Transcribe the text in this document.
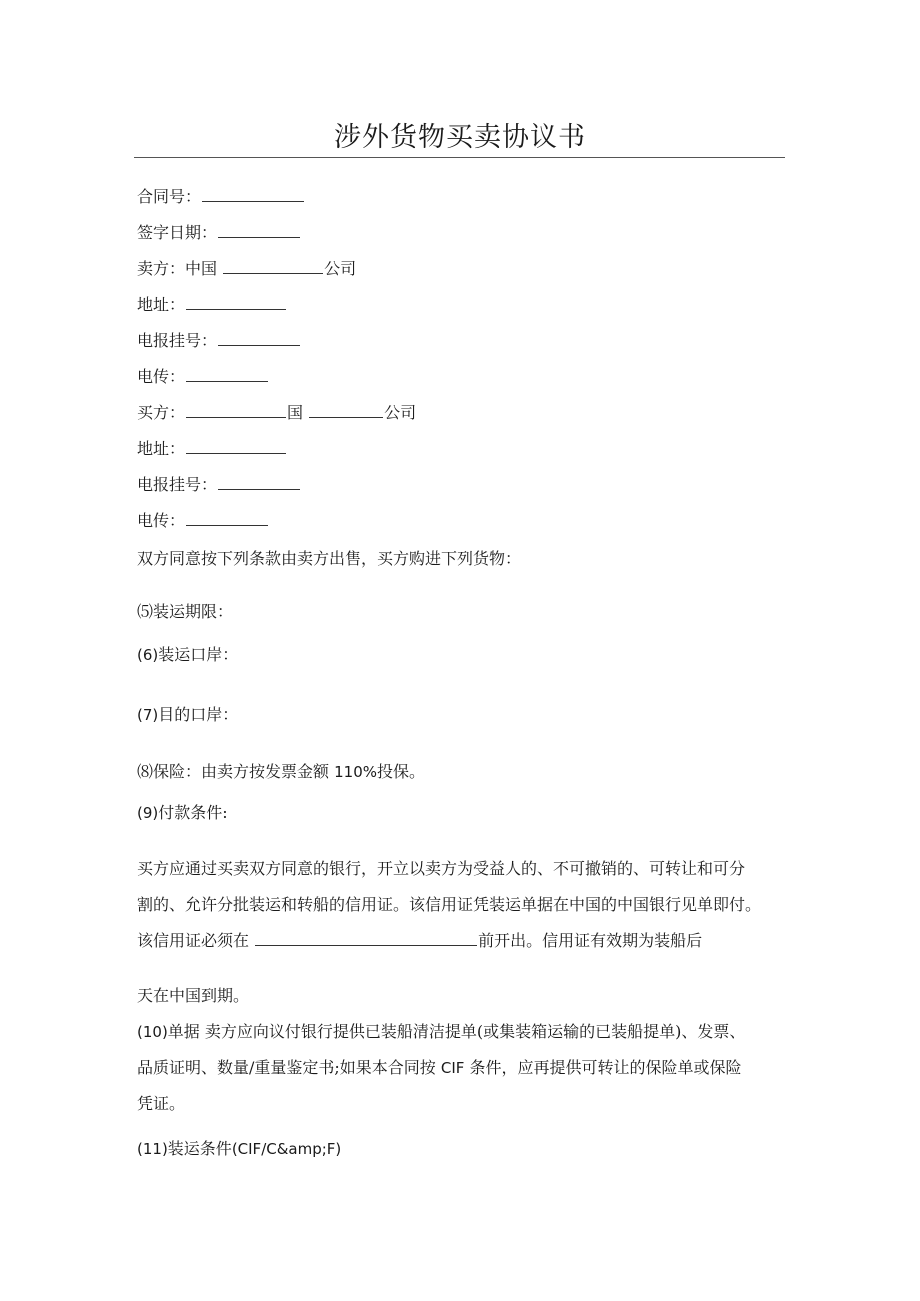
涉外货物买卖协议书
合同号：
签字日期：
卖方：中国	公司
地址：
电报挂号：
电传：
买方：	国	公司
地址：
电报挂号：
电传：
双方同意按下列条款由卖方出售，买方购进下列货物：
⑸装运期限：
(6)装运口岸：
(7)目的口岸：
⑻保险：由卖方按发票金额 110%投保。
(9)付款条件:
买方应通过买卖双方同意的银行，开立以卖方为受益人的、不可撤销的、可转让和可分
割的、允许分批装运和转船的信用证。该信用证凭装运单据在中国的中国银行见单即付。
该信用证必须在	前开出。信用证有效期为装船后
天在中国到期。
(10)单据 卖方应向议付银行提供已装船清洁提单(或集装箱运输的已装船提单)、发票、
品质证明、数量/重量鉴定书;如果本合同按 CIF 条件，应再提供可转让的保险单或保险
凭证。
(11)装运条件(CIF/C&amp;F)
